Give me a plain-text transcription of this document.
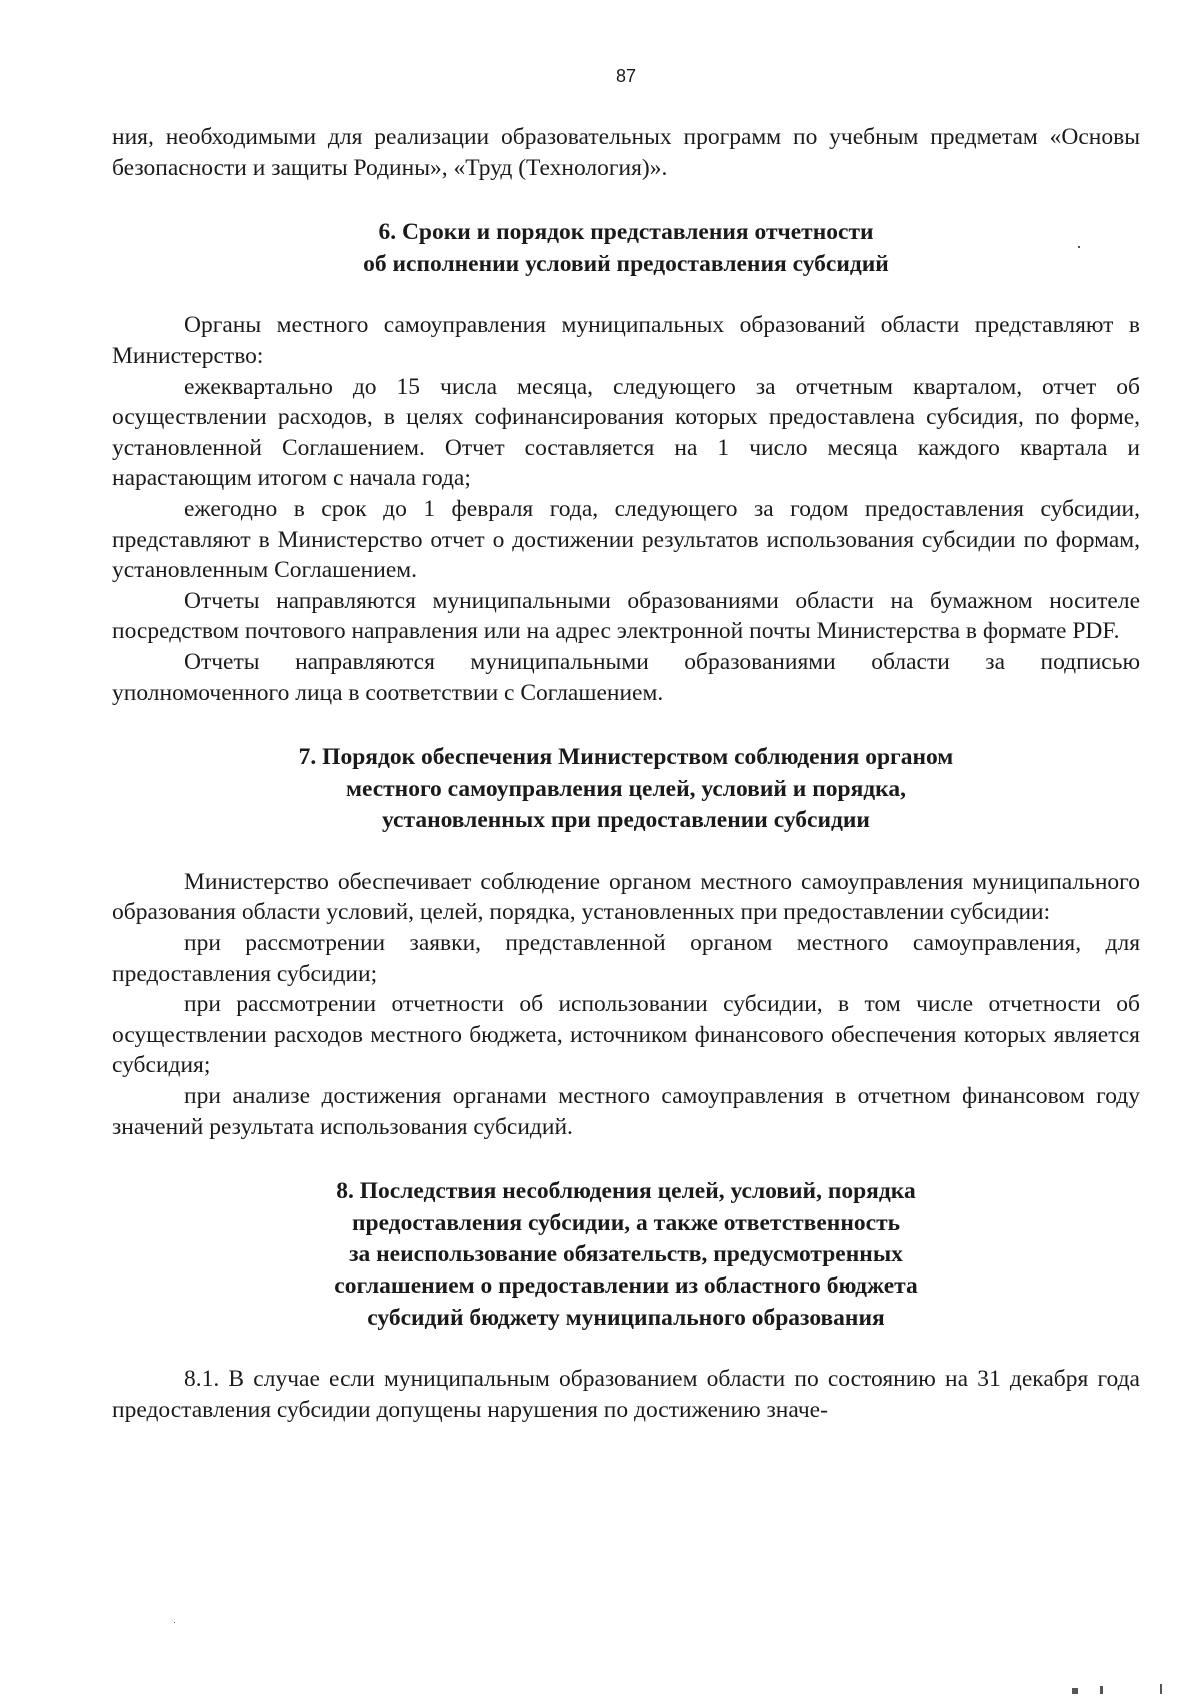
87

ния, необходимыми для реализации образовательных программ по учебным предметам «Основы безопасности и защиты Родины», «Труд (Технология)».

6. Сроки и порядок представления отчетности
об исполнении условий предоставления субсидий

Органы местного самоуправления муниципальных образований области представляют в Министерство:

ежеквартально до 15 числа месяца, следующего за отчетным кварталом, отчет об осуществлении расходов, в целях софинансирования которых предоставлена субсидия, по форме, установленной Соглашением. Отчет составляется на 1 число месяца каждого квартала и нарастающим итогом с начала года;

ежегодно в срок до 1 февраля года, следующего за годом предоставления субсидии, представляют в Министерство отчет о достижении результатов использования субсидии по формам, установленным Соглашением.

Отчеты направляются муниципальными образованиями области на бумажном носителе посредством почтового направления или на адрес электронной почты Министерства в формате PDF.

Отчеты направляются муниципальными образованиями области за подписью уполномоченного лица в соответствии с Соглашением.

7. Порядок обеспечения Министерством соблюдения органом
местного самоуправления целей, условий и порядка,
установленных при предоставлении субсидии

Министерство обеспечивает соблюдение органом местного самоуправления муниципального образования области условий, целей, порядка, установленных при предоставлении субсидии:

при рассмотрении заявки, представленной органом местного самоуправления, для предоставления субсидии;

при рассмотрении отчетности об использовании субсидии, в том числе отчетности об осуществлении расходов местного бюджета, источником финансового обеспечения которых является субсидия;

при анализе достижения органами местного самоуправления в отчетном финансовом году значений результата использования субсидий.

8. Последствия несоблюдения целей, условий, порядка
предоставления субсидии, а также ответственность
за неиспользование обязательств, предусмотренных
соглашением о предоставлении из областного бюджета
субсидий бюджету муниципального образования

8.1. В случае если муниципальным образованием области по состоянию на 31 декабря года предоставления субсидии допущены нарушения по достижению значе-
